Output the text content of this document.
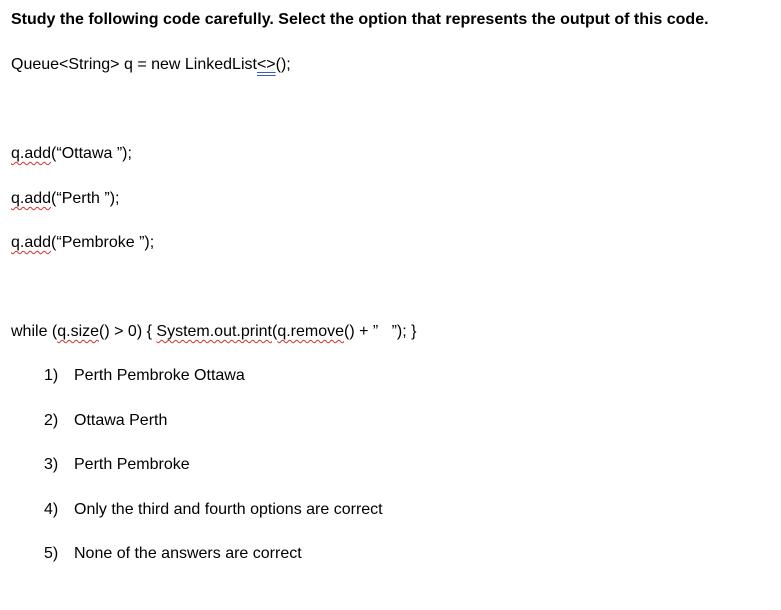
Study the following code carefully. Select the option that represents the output of this code.
Queue<String> q = new LinkedList<>();
q.add(“Ottawa ”);
q.add(“Perth ”);
q.add(“Pembroke ”);
while (q.size() > 0) { System.out.print(q.remove() + ”   ”); }
1) Perth Pembroke Ottawa
2) Ottawa Perth
3) Perth Pembroke
4) Only the third and fourth options are correct
5) None of the answers are correct
